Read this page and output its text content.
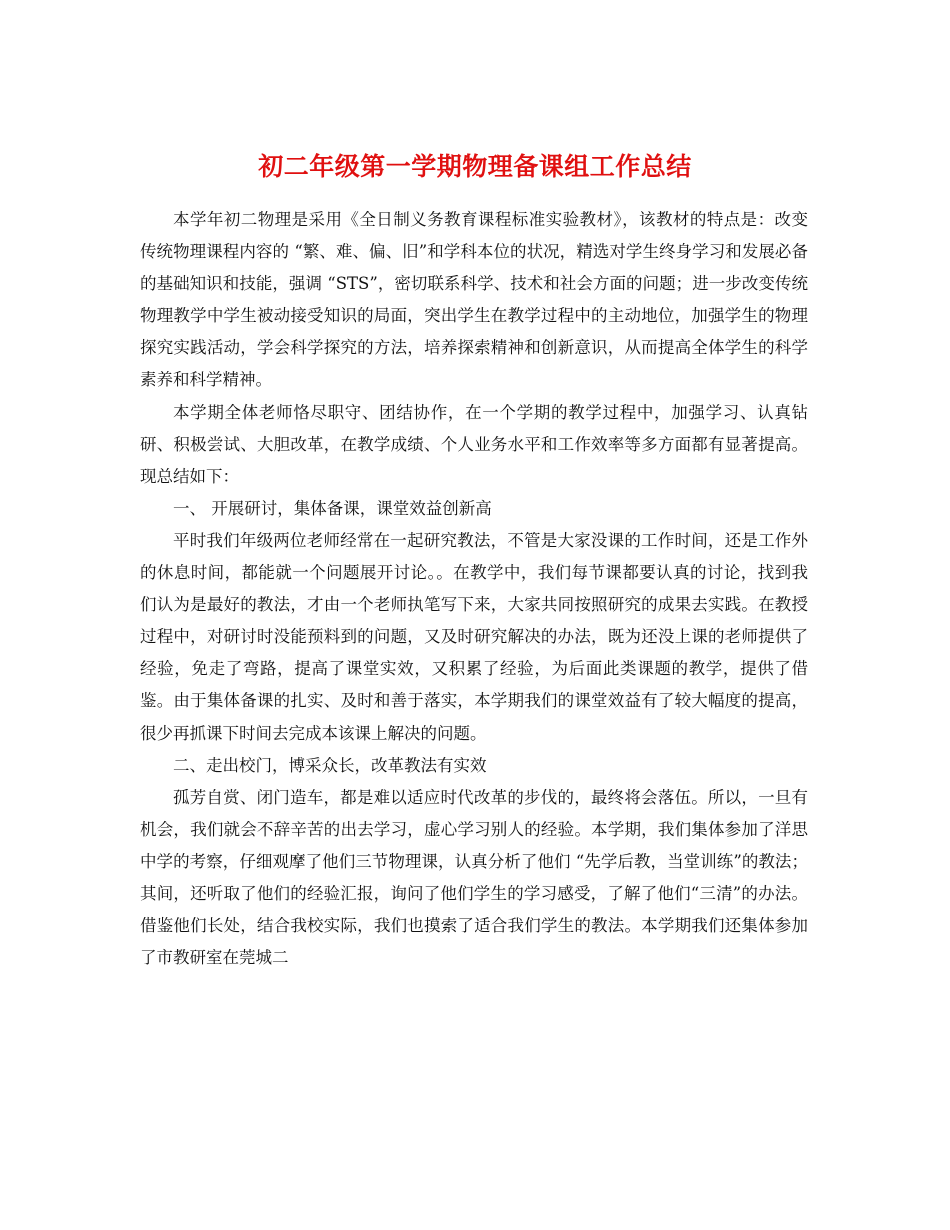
初二年级第一学期物理备课组工作总结

本学年初二物理是采用《全日制义务教育课程标准实验教材》，该教材的特点是：改变传统物理课程内容的 “繁、难、偏、旧”和学科本位的状况，精选对学生终身学习和发展必备的基础知识和技能，强调 “STS”，密切联系科学、技术和社会方面的问题；进一步改变传统物理教学中学生被动接受知识的局面，突出学生在教学过程中的主动地位，加强学生的物理探究实践活动，学会科学探究的方法，培养探索精神和创新意识，从而提高全体学生的科学素养和科学精神。

本学期全体老师恪尽职守、团结协作，在一个学期的教学过程中，加强学习、认真钻研、积极尝试、大胆改革，在教学成绩、个人业务水平和工作效率等多方面都有显著提高。现总结如下：

一、 开展研讨，集体备课，课堂效益创新高

平时我们年级两位老师经常在一起研究教法，不管是大家没课的工作时间，还是工作外的休息时间，都能就一个问题展开讨论。。在教学中，我们每节课都要认真的讨论，找到我们认为是最好的教法，才由一个老师执笔写下来，大家共同按照研究的成果去实践。在教授过程中，对研讨时没能预料到的问题，又及时研究解决的办法，既为还没上课的老师提供了经验，免走了弯路，提高了课堂实效，又积累了经验，为后面此类课题的教学，提供了借鉴。由于集体备课的扎实、及时和善于落实，本学期我们的课堂效益有了较大幅度的提高，很少再抓课下时间去完成本该课上解决的问题。

二、走出校门，博采众长，改革教法有实效

孤芳自赏、闭门造车，都是难以适应时代改革的步伐的，最终将会落伍。所以，一旦有机会，我们就会不辞辛苦的出去学习，虚心学习别人的经验。本学期，我们集体参加了洋思中学的考察，仔细观摩了他们三节物理课，认真分析了他们 “先学后教，当堂训练”的教法；其间，还听取了他们的经验汇报，询问了他们学生的学习感受，了解了他们“三清”的办法。借鉴他们长处，结合我校实际，我们也摸索了适合我们学生的教法。本学期我们还集体参加了市教研室在莞城二
